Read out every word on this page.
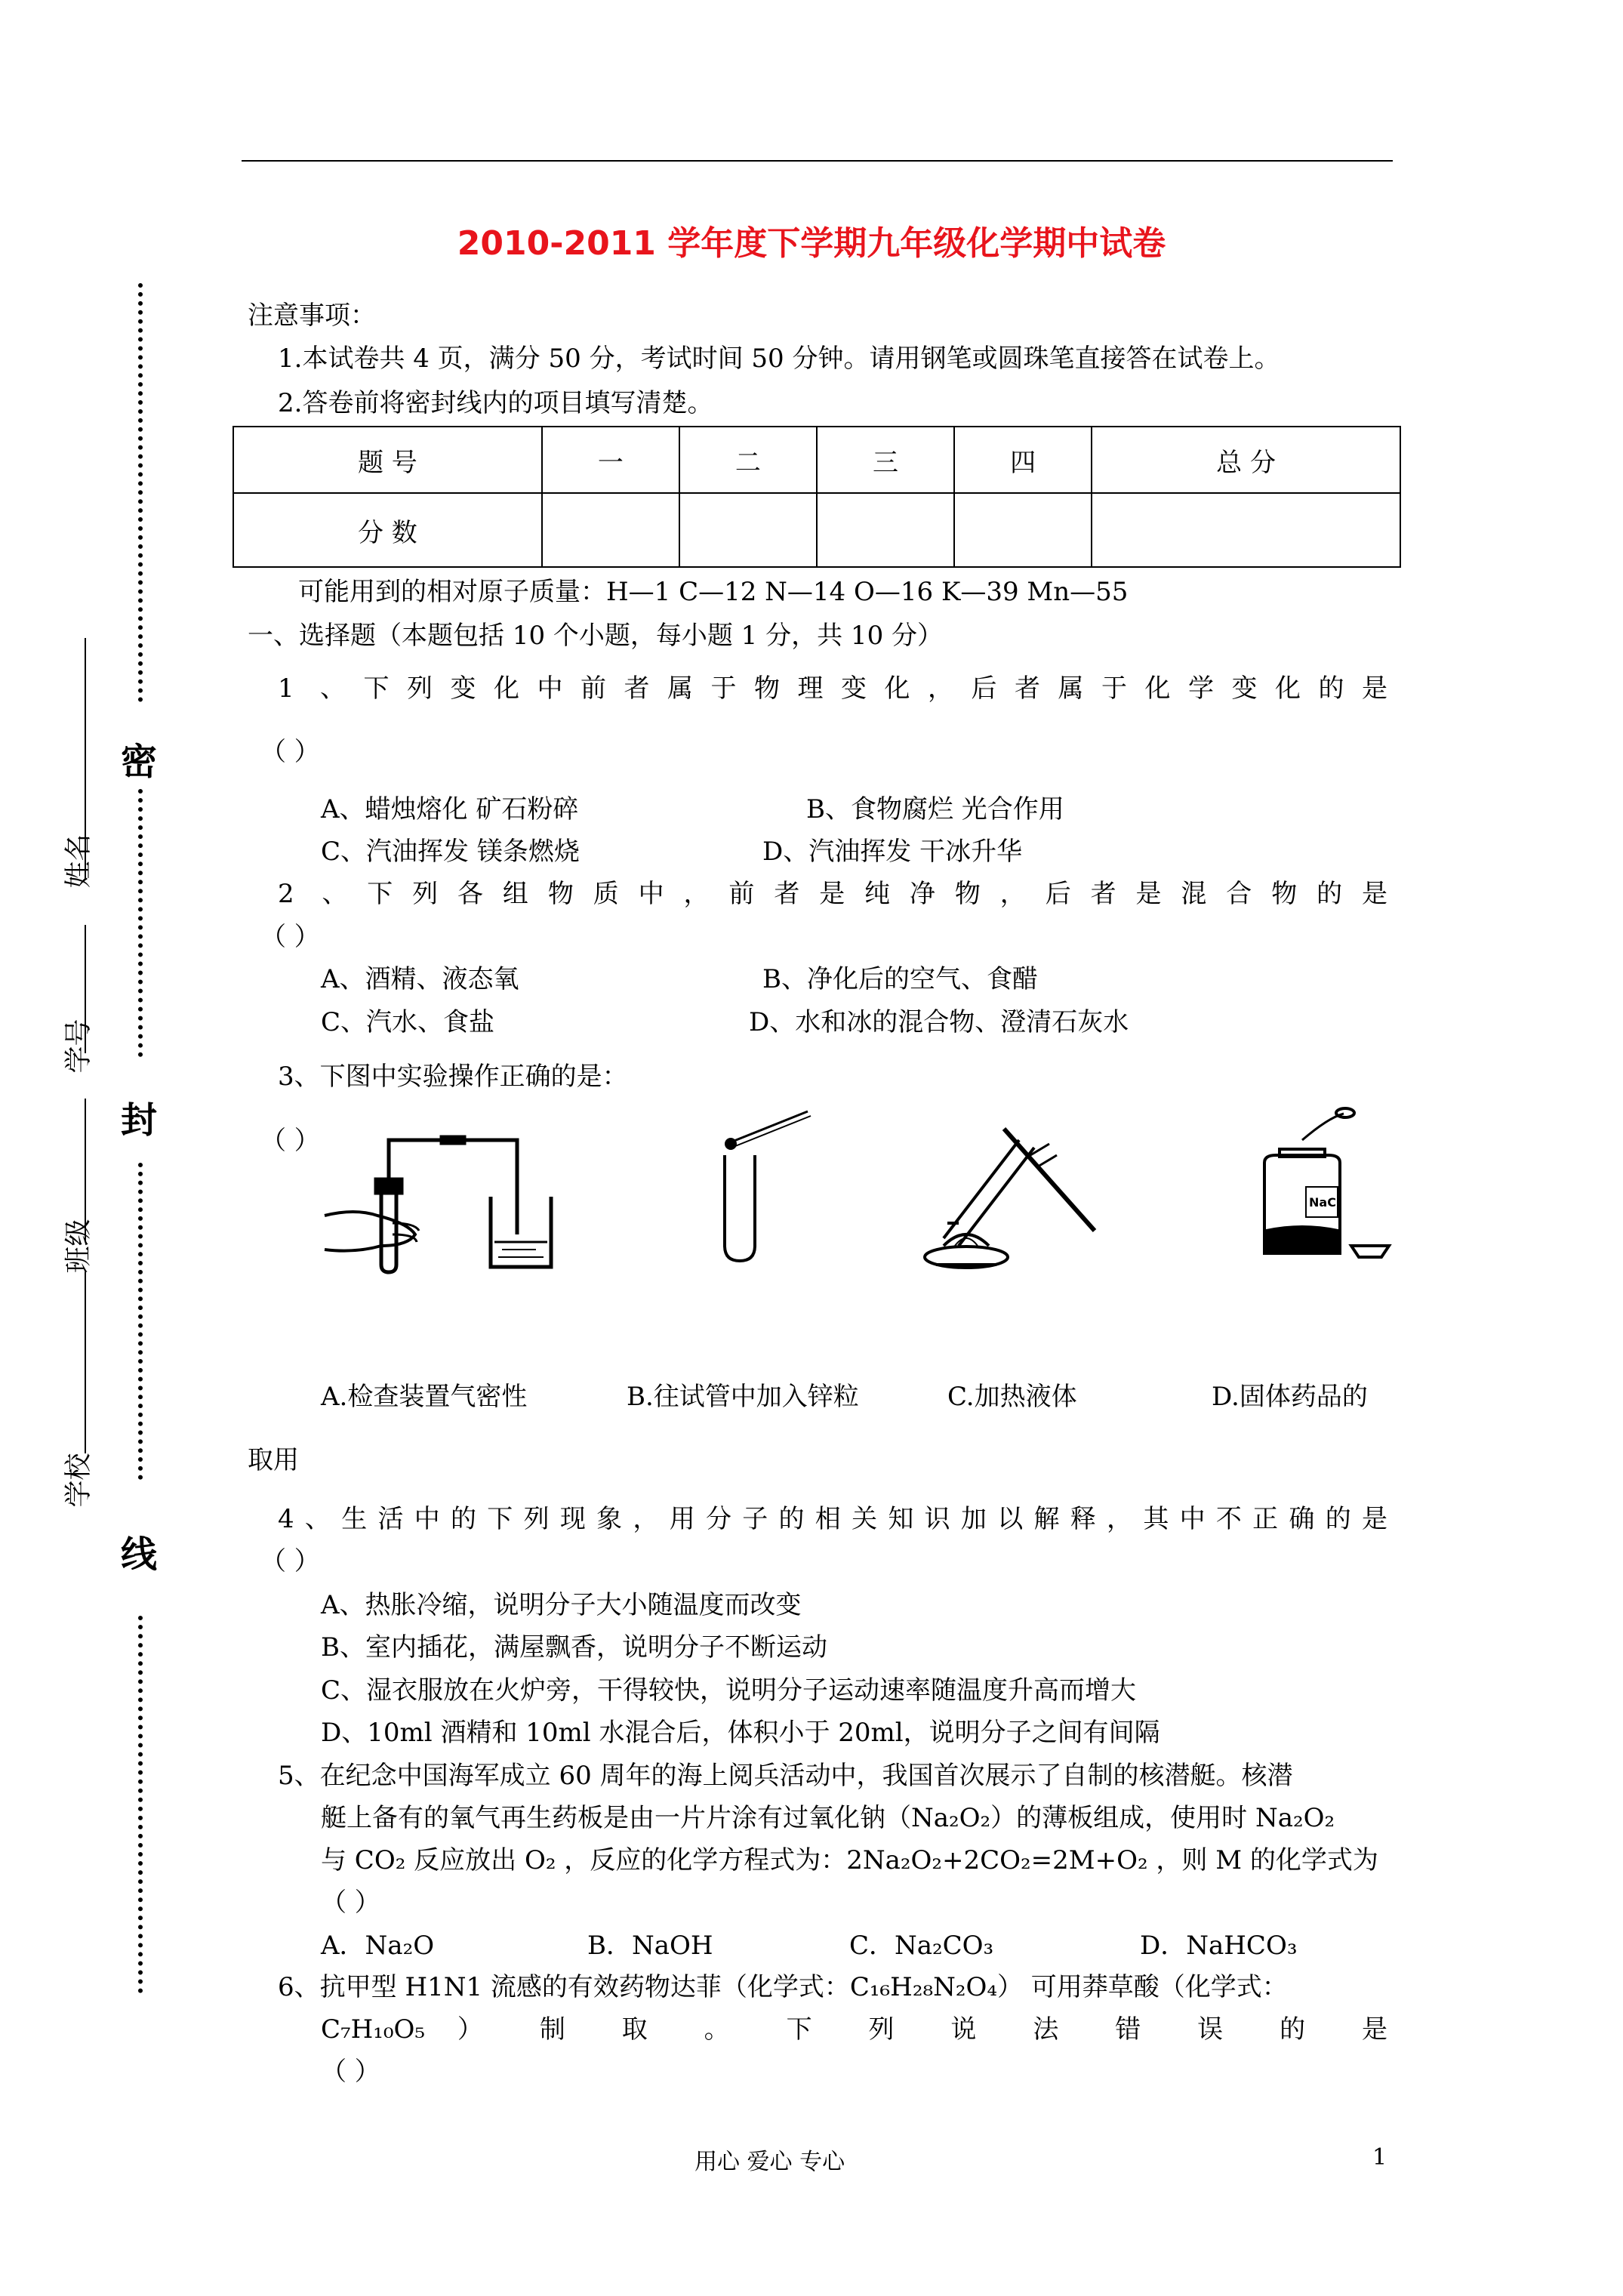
2010-2011 学年度下学期九年级化学期中试卷
密
封
线
姓名
学号
班级
学校
注意事项：
1.本试卷共 4 页，满分 50 分，考试时间 50 分钟。请用钢笔或圆珠笔直接答在试卷上。
2.答卷前将密封线内的项目填写清楚。
题 号	一	二	三	四	总 分
分 数					
可能用到的相对原子质量：H—1 C—12 N—14 O—16 K—39 Mn—55
一、选择题（本题包括 10 个小题，每小题 1 分，共 10 分）
1 、下列变化中前者属于物理变化，后者属于化学变化的是
（ ）
A、蜡烛熔化 矿石粉碎	B、食物腐烂 光合作用
C、汽油挥发 镁条燃烧	D、汽油挥发 干冰升华
2 、下列各组物质中，前者是纯净物，后者是混合物的是
（ ）
A、酒精、液态氧	B、净化后的空气、食醋
C、汽水、食盐	D、水和冰的混合物、澄清石灰水
3、下图中实验操作正确的是：
（ ）
NaCl
A.检查装置气密性	B.往试管中加入锌粒	C.加热液体	D.固体药品的
取用
4、生活中的下列现象，用分子的相关知识加以解释，其中不正确的是
（ ）
A、热胀冷缩，说明分子大小随温度而改变
B、室内插花，满屋飘香，说明分子不断运动
C、湿衣服放在火炉旁，干得较快，说明分子运动速率随温度升高而增大
D、10ml 酒精和 10ml 水混合后，体积小于 20ml，说明分子之间有间隔
5、在纪念中国海军成立 60 周年的海上阅兵活动中，我国首次展示了自制的核潜艇。核潜
艇上备有的氧气再生药板是由一片片涂有过氧化钠（Na₂O₂）的薄板组成，使用时 Na₂O₂
与 CO₂ 反应放出 O₂ ，反应的化学方程式为：2Na₂O₂+2CO₂=2M+O₂ ，则 M 的化学式为
（ ）
A．Na₂O	B．NaOH	C．Na₂CO₃	D．NaHCO₃
6、抗甲型 H1N1 流感的有效药物达菲（化学式：C₁₆H₂₈N₂O₄） 可用莽草酸（化学式：
C₇H₁₀O₅ ） 制 取 。 下 列 说 法 错 误 的 是
（ ）
用心 爱心 专心	1
